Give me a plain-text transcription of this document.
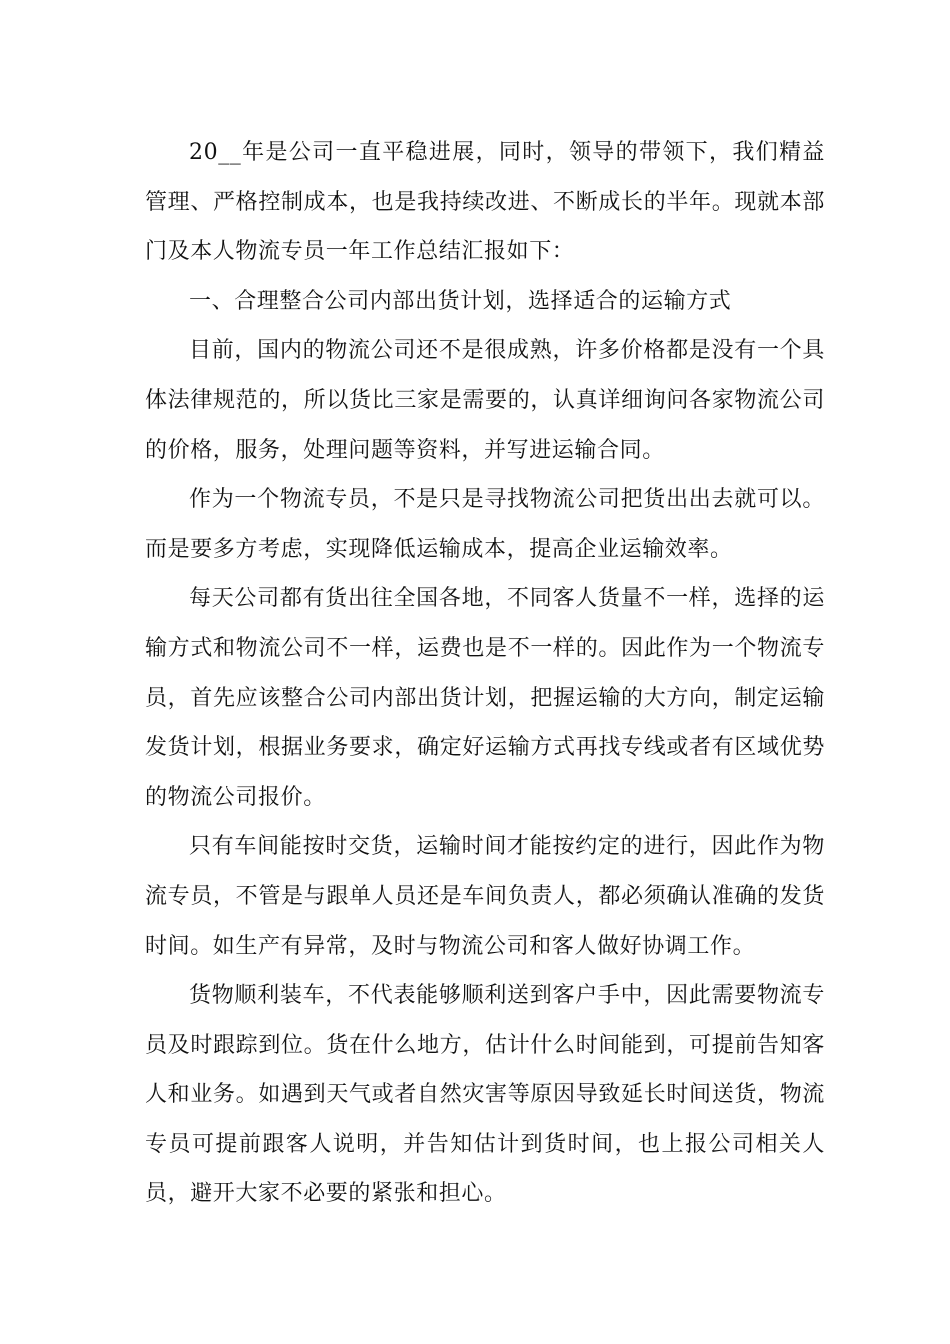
20__年是公司一直平稳进展，同时，领导的带领下，我们精益管理、严格控制成本，也是我持续改进、不断成长的半年。现就本部门及本人物流专员一年工作总结汇报如下：

一、合理整合公司内部出货计划，选择适合的运输方式

目前，国内的物流公司还不是很成熟，许多价格都是没有一个具体法律规范的，所以货比三家是需要的，认真详细询问各家物流公司的价格，服务，处理问题等资料，并写进运输合同。

作为一个物流专员，不是只是寻找物流公司把货出出去就可以。而是要多方考虑，实现降低运输成本，提高企业运输效率。

每天公司都有货出往全国各地，不同客人货量不一样，选择的运输方式和物流公司不一样，运费也是不一样的。因此作为一个物流专员，首先应该整合公司内部出货计划，把握运输的大方向，制定运输发货计划，根据业务要求，确定好运输方式再找专线或者有区域优势的物流公司报价。

只有车间能按时交货，运输时间才能按约定的进行，因此作为物流专员，不管是与跟单人员还是车间负责人，都必须确认准确的发货时间。如生产有异常，及时与物流公司和客人做好协调工作。

货物顺利装车，不代表能够顺利送到客户手中，因此需要物流专员及时跟踪到位。货在什么地方，估计什么时间能到，可提前告知客人和业务。如遇到天气或者自然灾害等原因导致延长时间送货，物流专员可提前跟客人说明，并告知估计到货时间，也上报公司相关人员，避开大家不必要的紧张和担心。
